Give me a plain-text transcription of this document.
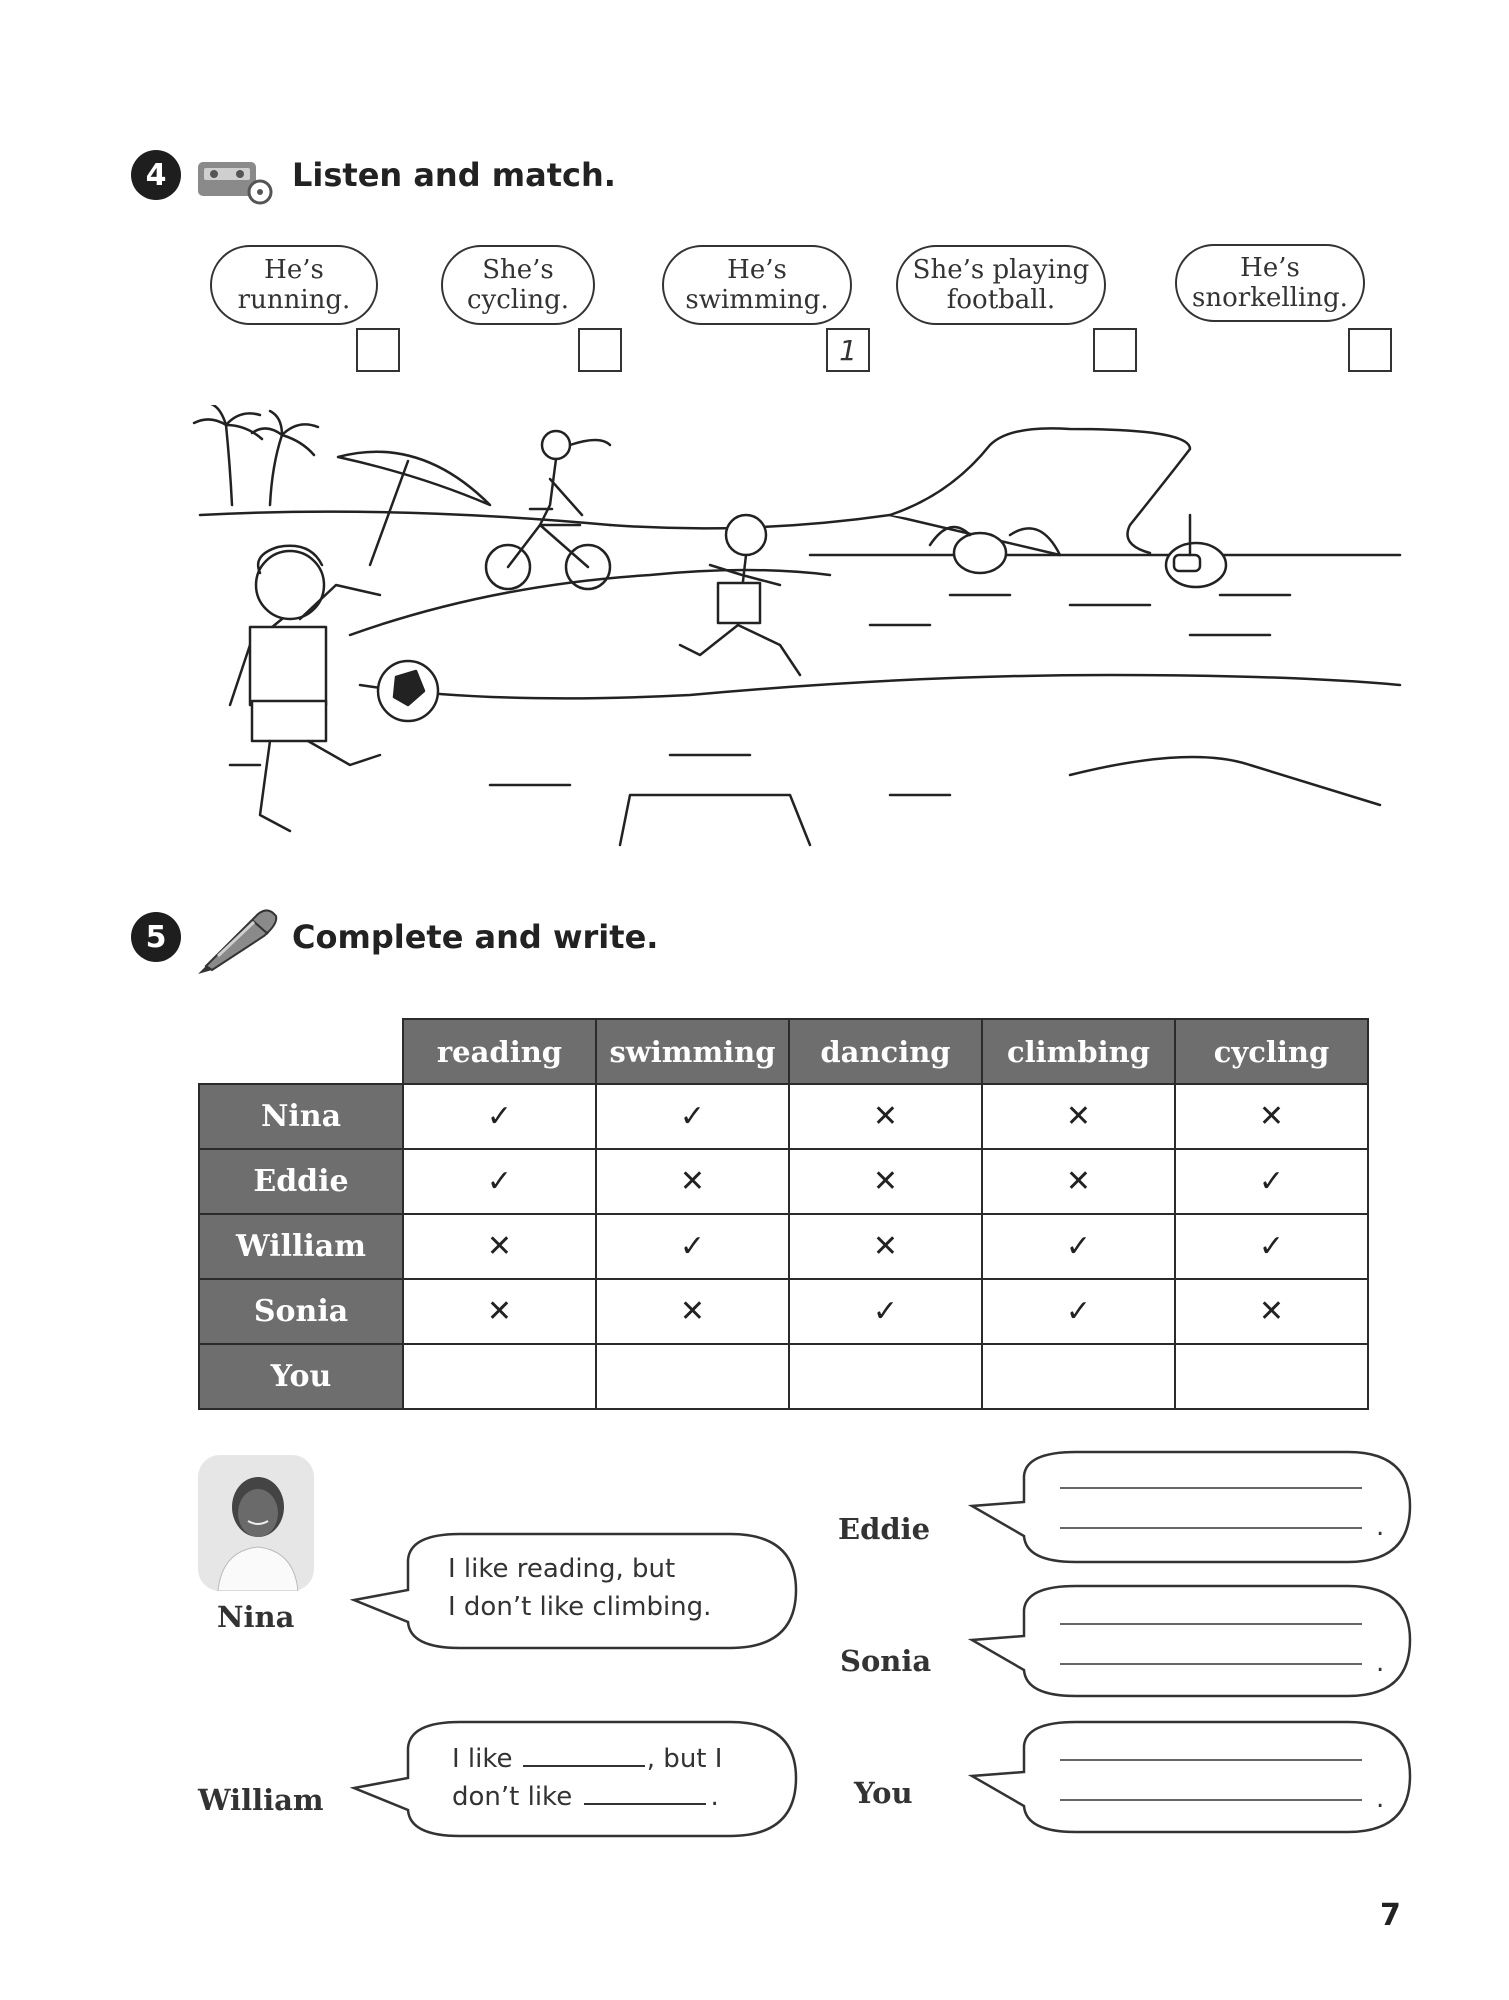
4	Listen and match.
He’s running.
She’s cycling.
He’s swimming.
She’s playing football.
He’s snorkelling.
1
5	Complete and write.
	reading	swimming	dancing	climbing	cycling
Nina	✓	✓	✕	✕	✕
Eddie	✓	✕	✕	✕	✓
William	✕	✓	✕	✓	✓
Sonia	✕	✕	✓	✓	✕
You					
Nina
I like reading, but
I don’t like climbing.
William
I like	, but I
don’t like	.
Eddie	.
Sonia	.
You	.
7
